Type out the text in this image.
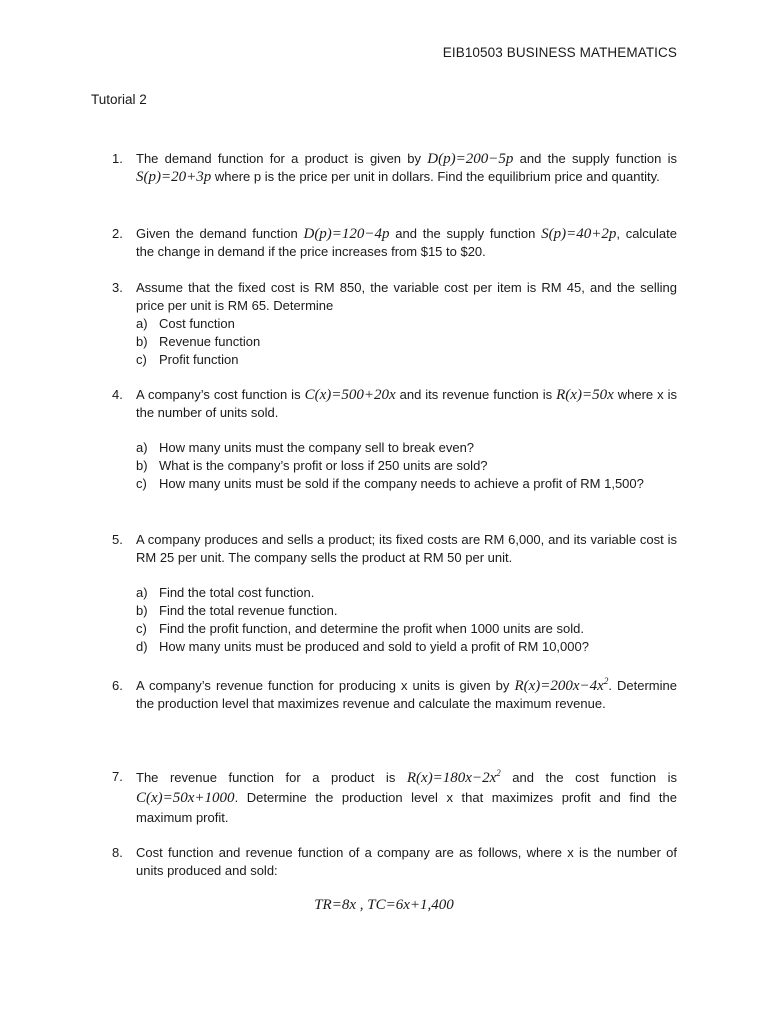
EIB10503 BUSINESS MATHEMATICS
Tutorial 2
1. The demand function for a product is given by D(p)=200−5p and the supply function is S(p)=20+3p where p is the price per unit in dollars. Find the equilibrium price and quantity.
2. Given the demand function D(p)=120−4p and the supply function S(p)=40+2p, calculate the change in demand if the price increases from $15 to $20.
3. Assume that the fixed cost is RM 850, the variable cost per item is RM 45, and the selling price per unit is RM 65. Determine
a) Cost function
b) Revenue function
c) Profit function
4. A company’s cost function is C(x)=500+20x and its revenue function is R(x)=50x where x is the number of units sold.
a) How many units must the company sell to break even?
b) What is the company’s profit or loss if 250 units are sold?
c) How many units must be sold if the company needs to achieve a profit of RM 1,500?
5. A company produces and sells a product; its fixed costs are RM 6,000, and its variable cost is RM 25 per unit. The company sells the product at RM 50 per unit.
a) Find the total cost function.
b) Find the total revenue function.
c) Find the profit function, and determine the profit when 1000 units are sold.
d) How many units must be produced and sold to yield a profit of RM 10,000?
6. A company’s revenue function for producing x units is given by $R(x)=200x-4x^2$. Determine the production level that maximizes revenue and calculate the maximum revenue.
7. The revenue function for a product is $R(x)=180x-2x^2$ and the cost function is C(x)=50x+1000. Determine the production level x that maximizes profit and find the maximum profit.
8. Cost function and revenue function of a company are as follows, where x is the number of units produced and sold:
TR=8x , TC=6x+1,400
